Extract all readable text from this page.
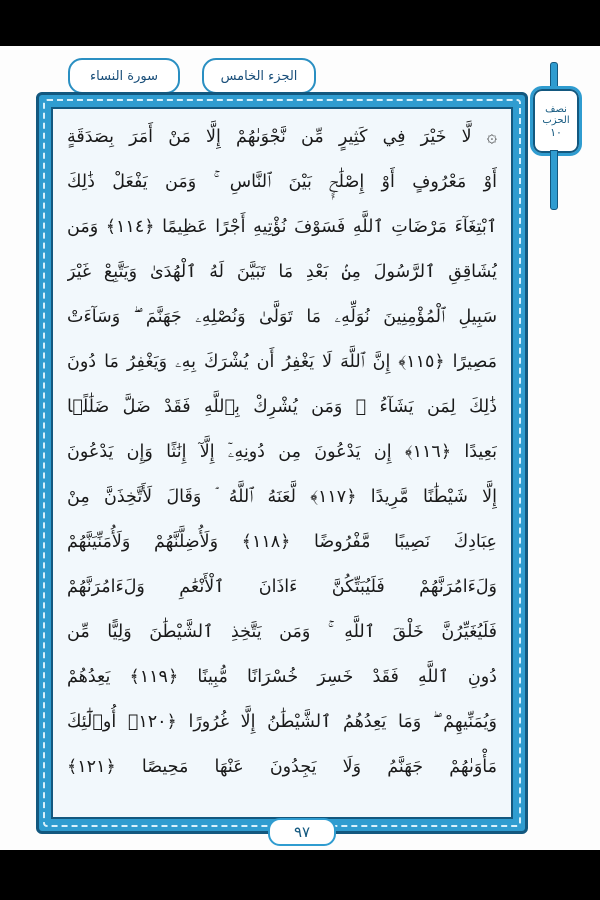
الجزء الخامس
سورة النساء
نصف
الحزب
١٠
۞ لَّا خَيْرَ فِي كَثِيرٍ مِّن نَّجْوَىٰهُمْ إِلَّا مَنْ أَمَرَ بِصَدَقَةٍ
أَوْ مَعْرُوفٍ أَوْ إِصْلَٰحٍۭ بَيْنَ ٱلنَّاسِ ۚ وَمَن يَفْعَلْ ذَٰلِكَ
ٱبْتِغَآءَ مَرْضَاتِ ٱللَّهِ فَسَوْفَ نُؤْتِيهِ أَجْرًا عَظِيمًا ﴿١١٤﴾ وَمَن
يُشَاقِقِ ٱلرَّسُولَ مِنۢ بَعْدِ مَا تَبَيَّنَ لَهُ ٱلْهُدَىٰ وَيَتَّبِعْ غَيْرَ
سَبِيلِ ٱلْمُؤْمِنِينَ نُوَلِّهِۦ مَا تَوَلَّىٰ وَنُصْلِهِۦ جَهَنَّمَ ۖ وَسَآءَتْ
مَصِيرًا ﴿١١٥﴾ إِنَّ ٱللَّهَ لَا يَغْفِرُ أَن يُشْرَكَ بِهِۦ وَيَغْفِرُ مَا دُونَ
ذَٰلِكَ لِمَن يَشَآءُ ۚ وَمَن يُشْرِكْ بِٱللَّهِ فَقَدْ ضَلَّ ضَلَٰلًۢا
بَعِيدًا ﴿١١٦﴾ إِن يَدْعُونَ مِن دُونِهِۦٓ إِلَّآ إِنَٰثًا وَإِن يَدْعُونَ
إِلَّا شَيْطَٰنًا مَّرِيدًا ﴿١١٧﴾ لَّعَنَهُ ٱللَّهُ ۘ وَقَالَ لَأَتَّخِذَنَّ مِنْ
عِبَادِكَ نَصِيبًا مَّفْرُوضًا ﴿١١٨﴾ وَلَأُضِلَّنَّهُمْ وَلَأُمَنِّيَنَّهُمْ
وَلَءَامُرَنَّهُمْ فَلَيُبَتِّكُنَّ ءَاذَانَ ٱلْأَنْعَٰمِ وَلَءَامُرَنَّهُمْ
فَلَيُغَيِّرُنَّ خَلْقَ ٱللَّهِ ۚ وَمَن يَتَّخِذِ ٱلشَّيْطَٰنَ وَلِيًّا مِّن
دُونِ ٱللَّهِ فَقَدْ خَسِرَ خُسْرَانًا مُّبِينًا ﴿١١٩﴾ يَعِدُهُمْ
وَيُمَنِّيهِمْ ۖ وَمَا يَعِدُهُمُ ٱلشَّيْطَٰنُ إِلَّا غُرُورًا ﴿١٢٠﴾ أُو۟لَٰٓئِكَ
مَأْوَىٰهُمْ جَهَنَّمُ وَلَا يَجِدُونَ عَنْهَا مَحِيصًا ﴿١٢١﴾
٩٧
